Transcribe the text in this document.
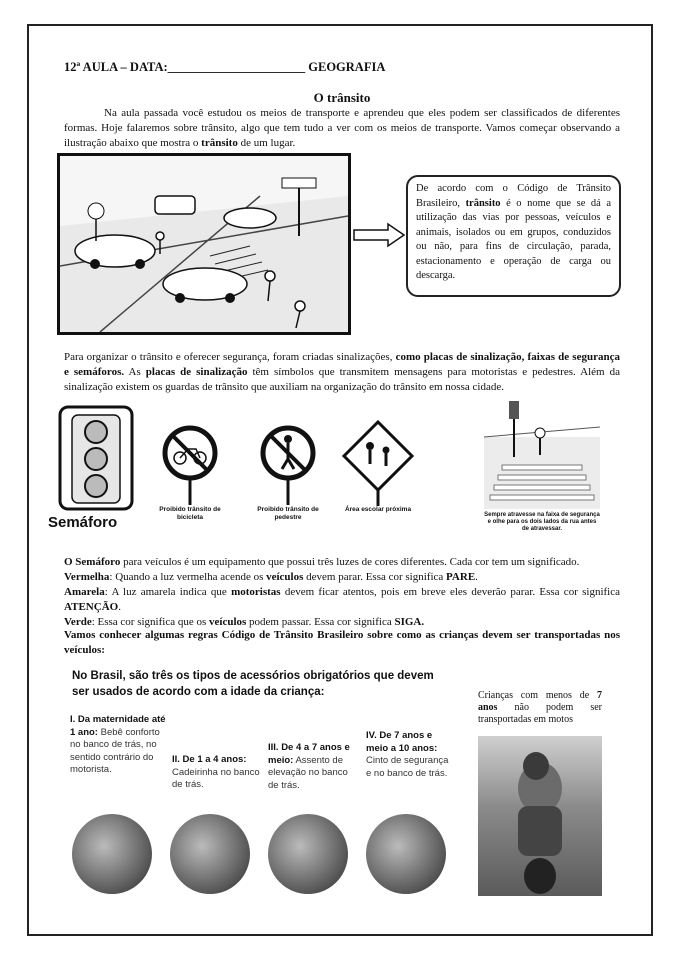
12ª AULA – DATA:______________________ GEOGRAFIA
O trânsito
Na aula passada você estudou os meios de transporte e aprendeu que eles podem ser classificados de diferentes formas. Hoje falaremos sobre trânsito, algo que tem tudo a ver com os meios de transporte. Vamos começar observando a ilustração abaixo que mostra o trânsito de um lugar.
De acordo com o Código de Trânsito Brasileiro, trânsito é o nome que se dá a utilização das vias por pessoas, veículos e animais, isolados ou em grupos, conduzidos ou não, para fins de circulação, parada, estacionamento e operação de carga ou descarga.
Para organizar o trânsito e oferecer segurança, foram criadas sinalizações, como placas de sinalização, faixas de segurança e semáforos. As placas de sinalização têm símbolos que transmitem mensagens para motoristas e pedestres. Além da sinalização existem os guardas de trânsito que auxiliam na organização do trânsito em nossa cidade.
Semáforo
Proibido trânsito de bicicleta
Proibido trânsito de pedestre
Área escolar próxima
Sempre atravesse na faixa de segurança e olhe para os dois lados da rua antes de atravessar.
O Semáforo para veículos é um equipamento que possui três luzes de cores diferentes. Cada cor tem um significado.
Vermelha: Quando a luz vermelha acende os veículos devem parar. Essa cor significa PARE.
Amarela: A luz amarela indica que motoristas devem ficar atentos, pois em breve eles deverão parar. Essa cor significa ATENÇÃO.
Verde: Essa cor significa que os veículos podem passar. Essa cor significa SIGA.
Vamos conhecer algumas regras Código de Trânsito Brasileiro sobre como as crianças devem ser transportadas nos veículos:
No Brasil, são três os tipos de acessórios obrigatórios que devem ser usados de acordo com a idade da criança:
I. Da maternidade até 1 ano: Bebê conforto no banco de trás, no sentido contrário do motorista.
II. De 1 a 4 anos: Cadeirinha no banco de trás.
III. De 4 a 7 anos e meio: Assento de elevação no banco de trás.
IV. De 7 anos e meio a 10 anos: Cinto de segurança e no banco de trás.
Crianças com menos de 7 anos não podem ser transportadas em motos
